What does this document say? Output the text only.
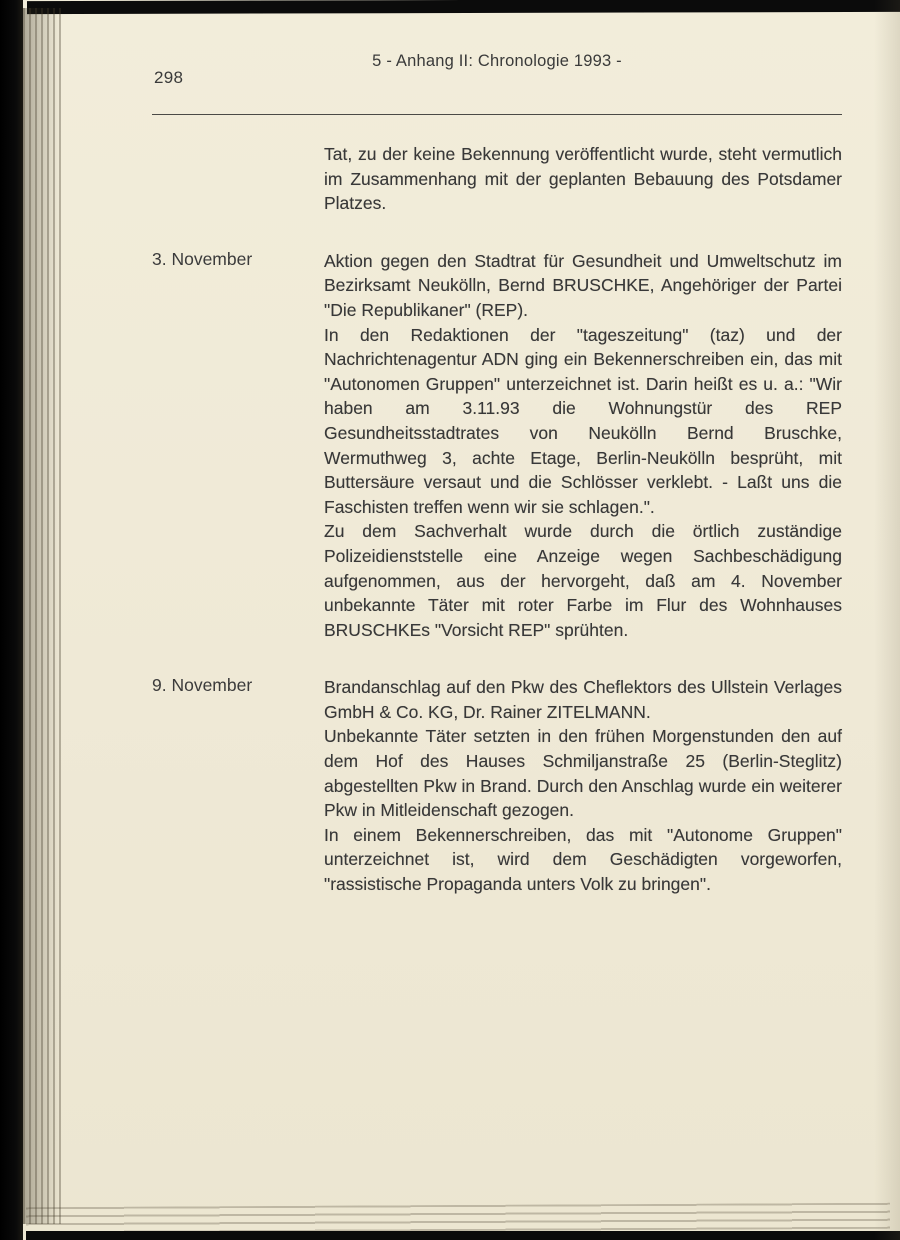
298
5 - Anhang II: Chronologie 1993 -

Tat, zu der keine Bekennung veröffentlicht wurde, steht vermutlich im Zusammenhang mit der geplanten Bebauung des Potsdamer Platzes.

3. November	Aktion gegen den Stadtrat für Gesundheit und Umweltschutz im Bezirksamt Neukölln, Bernd BRUSCHKE, Angehöriger der Partei "Die Republikaner" (REP).

In den Redaktionen der "tageszeitung" (taz) und der Nachrichtenagentur ADN ging ein Bekennerschreiben ein, das mit "Autonomen Gruppen" unterzeichnet ist. Darin heißt es u. a.: "Wir haben am 3.11.93 die Wohnungstür des REP Gesundheitsstadtrates von Neukölln Bernd Bruschke, Wermuthweg 3, achte Etage, Berlin-Neukölln besprüht, mit Buttersäure versaut und die Schlösser verklebt. - Laßt uns die Faschisten treffen wenn wir sie schlagen.".

Zu dem Sachverhalt wurde durch die örtlich zuständige Polizeidienststelle eine Anzeige wegen Sachbeschädigung aufgenommen, aus der hervorgeht, daß am 4. November unbekannte Täter mit roter Farbe im Flur des Wohnhauses BRUSCHKEs "Vorsicht REP" sprühten.

9. November	Brandanschlag auf den Pkw des Cheflektors des Ullstein Verlages GmbH & Co. KG, Dr. Rainer ZITELMANN.

Unbekannte Täter setzten in den frühen Morgenstunden den auf dem Hof des Hauses Schmiljanstraße 25 (Berlin-Steglitz) abgestellten Pkw in Brand. Durch den Anschlag wurde ein weiterer Pkw in Mitleidenschaft gezogen.

In einem Bekennerschreiben, das mit "Autonome Gruppen" unterzeichnet ist, wird dem Geschädigten vorgeworfen, "rassistische Propaganda unters Volk zu bringen".
